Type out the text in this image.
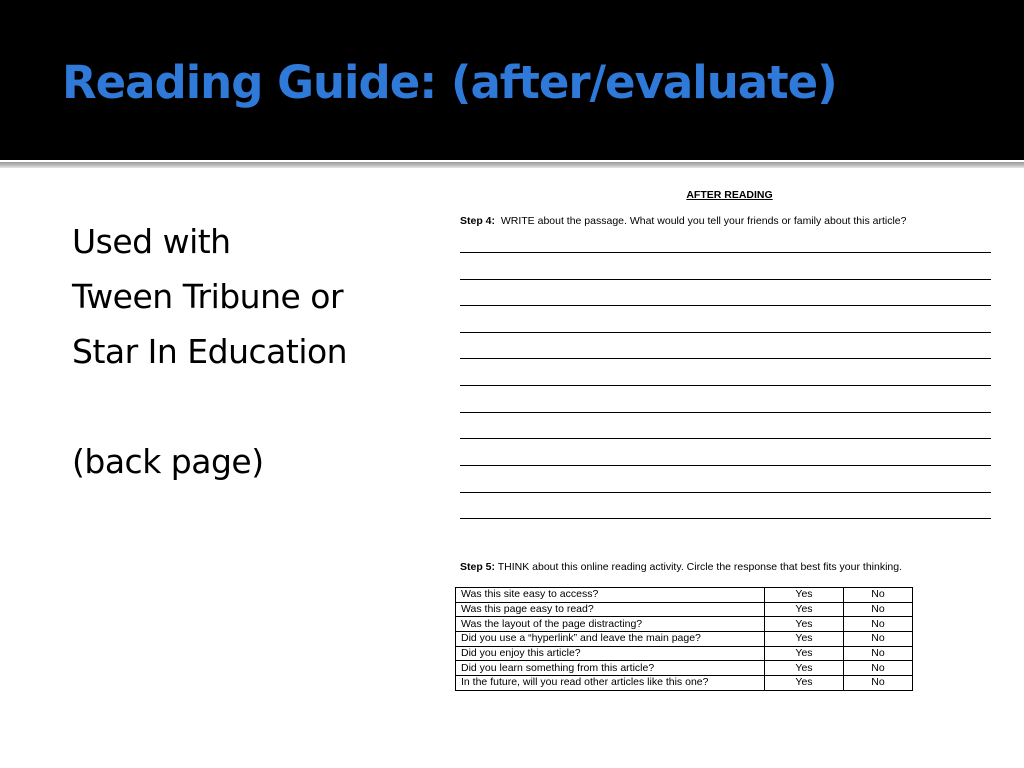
Reading Guide: (after/evaluate)
Used with
Tween Tribune or
Star In Education
(back page)
AFTER READING
Step 4: WRITE about the passage. What would you tell your friends or family about this article?
Step 5: THINK about this online reading activity. Circle the response that best fits your thinking.
Was this site easy to access?	Yes	No
Was this page easy to read?	Yes	No
Was the layout of the page distracting?	Yes	No
Did you use a “hyperlink” and leave the main page?	Yes	No
Did you enjoy this article?	Yes	No
Did you learn something from this article?	Yes	No
In the future, will you read other articles like this one?	Yes	No
